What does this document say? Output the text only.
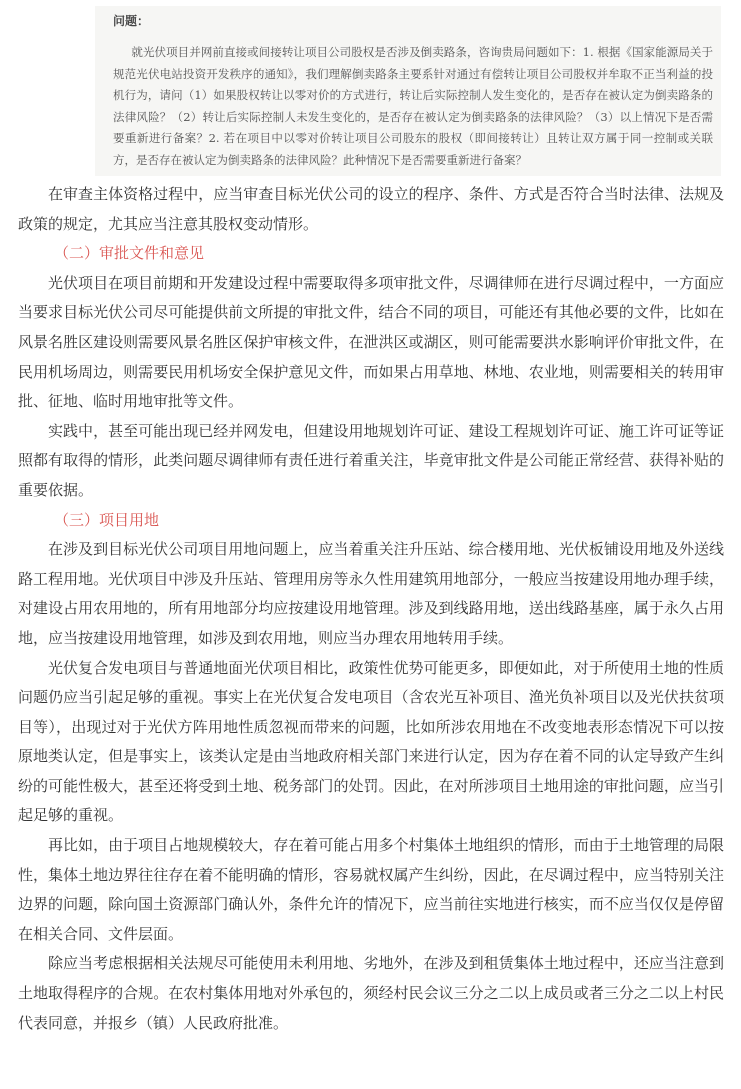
问题：
就光伏项目并网前直接或间接转让项目公司股权是否涉及倒卖路条，咨询贵局问题如下：1. 根据《国家能源局关于规范光伏电站投资开发秩序的通知》，我们理解倒卖路条主要系针对通过有偿转让项目公司股权并牟取不正当利益的投机行为，请问（1）如果股权转让以零对价的方式进行，转让后实际控制人发生变化的，是否存在被认定为倒卖路条的法律风险？（2）转让后实际控制人未发生变化的，是否存在被认定为倒卖路条的法律风险？（3）以上情况下是否需要重新进行备案？2. 若在项目中以零对价转让项目公司股东的股权（即间接转让）且转让双方属于同一控制或关联方，是否存在被认定为倒卖路条的法律风险？此种情况下是否需要重新进行备案？

在审查主体资格过程中，应当审查目标光伏公司的设立的程序、条件、方式是否符合当时法律、法规及政策的规定，尤其应当注意其股权变动情形。

（二）审批文件和意见

光伏项目在项目前期和开发建设过程中需要取得多项审批文件，尽调律师在进行尽调过程中，一方面应当要求目标光伏公司尽可能提供前文所提的审批文件，结合不同的项目，可能还有其他必要的文件，比如在风景名胜区建设则需要风景名胜区保护审核文件，在泄洪区或湖区，则可能需要洪水影响评价审批文件，在民用机场周边，则需要民用机场安全保护意见文件，而如果占用草地、林地、农业地，则需要相关的转用审批、征地、临时用地审批等文件。

实践中，甚至可能出现已经并网发电，但建设用地规划许可证、建设工程规划许可证、施工许可证等证照都有取得的情形，此类问题尽调律师有责任进行着重关注，毕竟审批文件是公司能正常经营、获得补贴的重要依据。

（三）项目用地

在涉及到目标光伏公司项目用地问题上，应当着重关注升压站、综合楼用地、光伏板铺设用地及外送线路工程用地。光伏项目中涉及升压站、管理用房等永久性用建筑用地部分，一般应当按建设用地办理手续，对建设占用农用地的，所有用地部分均应按建设用地管理。涉及到线路用地，送出线路基座，属于永久占用地，应当按建设用地管理，如涉及到农用地，则应当办理农用地转用手续。

光伏复合发电项目与普通地面光伏项目相比，政策性优势可能更多，即便如此，对于所使用土地的性质问题仍应当引起足够的重视。事实上在光伏复合发电项目（含农光互补项目、渔光负补项目以及光伏扶贫项目等），出现过对于光伏方阵用地性质忽视而带来的问题，比如所涉农用地在不改变地表形态情况下可以按原地类认定，但是事实上，该类认定是由当地政府相关部门来进行认定，因为存在着不同的认定导致产生纠纷的可能性极大，甚至还将受到土地、税务部门的处罚。因此，在对所涉项目土地用途的审批问题，应当引起足够的重视。

再比如，由于项目占地规模较大，存在着可能占用多个村集体土地组织的情形，而由于土地管理的局限性，集体土地边界往往存在着不能明确的情形，容易就权属产生纠纷，因此，在尽调过程中，应当特别关注边界的问题，除向国土资源部门确认外，条件允许的情况下，应当前往实地进行核实，而不应当仅仅是停留在相关合同、文件层面。

除应当考虑根据相关法规尽可能使用未利用地、劣地外，在涉及到租赁集体土地过程中，还应当注意到土地取得程序的合规。在农村集体用地对外承包的，须经村民会议三分之二以上成员或者三分之二以上村民代表同意，并报乡（镇）人民政府批准。
